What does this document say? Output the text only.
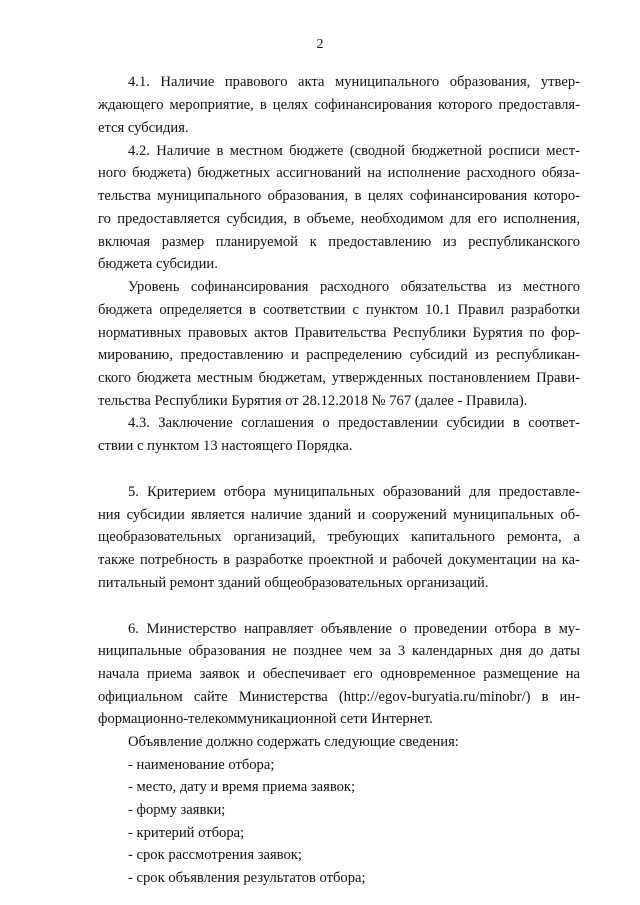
2
4.1. Наличие правового акта муниципального образования, утвер-
ждающего мероприятие, в целях софинансирования которого предоставля-
ется субсидия.
4.2. Наличие в местном бюджете (сводной бюджетной росписи мест-
ного бюджета) бюджетных ассигнований на исполнение расходного обяза-
тельства муниципального образования, в целях софинансирования которо-
го предоставляется субсидия, в объеме, необходимом для его исполнения,
включая размер планируемой к предоставлению из республиканского
бюджета субсидии.
Уровень софинансирования расходного обязательства из местного
бюджета определяется в соответствии с пунктом 10.1 Правил разработки
нормативных правовых актов Правительства Республики Бурятия по фор-
мированию, предоставлению и распределению субсидий из республикан-
ского бюджета местным бюджетам, утвержденных постановлением Прави-
тельства Республики Бурятия от 28.12.2018 № 767 (далее - Правила).
4.3. Заключение соглашения о предоставлении субсидии в соответ-
ствии с пунктом 13 настоящего Порядка.
5. Критерием отбора муниципальных образований для предоставле-
ния субсидии является наличие зданий и сооружений муниципальных об-
щеобразовательных организаций, требующих капитального ремонта, а
также потребность в разработке проектной и рабочей документации на ка-
питальный ремонт зданий общеобразовательных организаций.
6. Министерство направляет объявление о проведении отбора в му-
ниципальные образования не позднее чем за 3 календарных дня до даты
начала приема заявок и обеспечивает его одновременное размещение на
официальном сайте Министерства (http://egov-buryatia.ru/minobr/) в ин-
формационно-телекоммуникационной сети Интернет.
Объявление должно содержать следующие сведения:
- наименование отбора;
- место, дату и время приема заявок;
- форму заявки;
- критерий отбора;
- срок рассмотрения заявок;
- срок объявления результатов отбора;
